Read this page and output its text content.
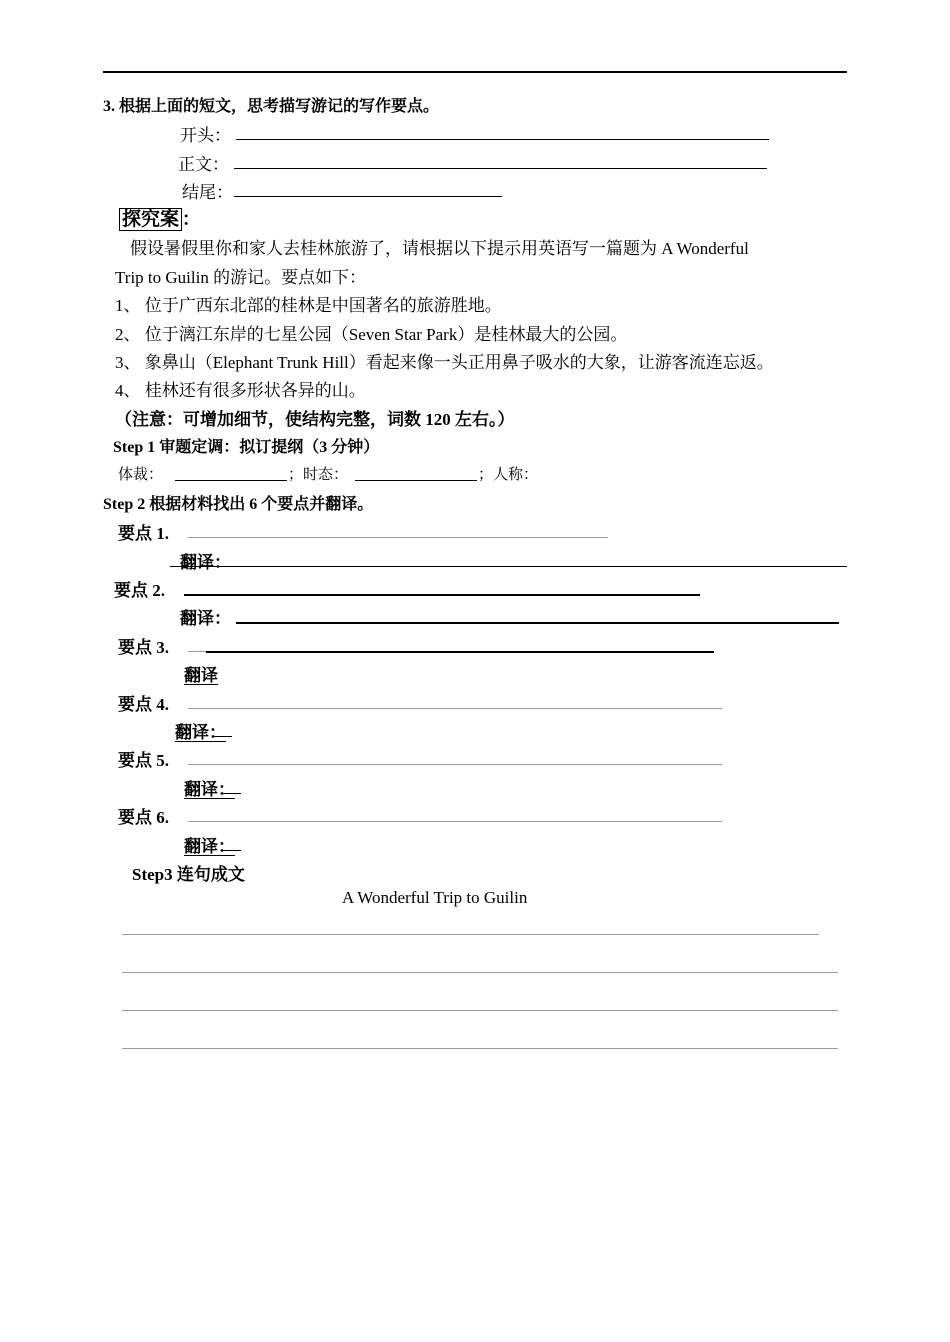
3. 根据上面的短文，思考描写游记的写作要点。
开头：
正文：
结尾：
探究案 ：
假设暑假里你和家人去桂林旅游了，请根据以下提示用英语写一篇题为 A Wonderful
Trip to Guilin 的游记。要点如下：
1、 位于广西东北部的桂林是中国著名的旅游胜地。
2、 位于漓江东岸的七星公园（Seven Star Park）是桂林最大的公园。
3、 象鼻山（Elephant Trunk Hill）看起来像一头正用鼻子吸水的大象，让游客流连忘返。
4、 桂林还有很多形状各异的山。
（注意：可增加细节，使结构完整，词数 120 左右。）
Step 1 审题定调：拟订提纲（3 分钟）
体裁：	；时态：	；人称：
Step 2 根据材料找出 6 个要点并翻译。
要点 1.
翻译：
要点 2.
翻译：
要点 3.
翻译
要点 4.
翻译：
要点 5.
翻译：
要点 6.
翻译：
Step3 连句成文
A Wonderful Trip to Guilin
